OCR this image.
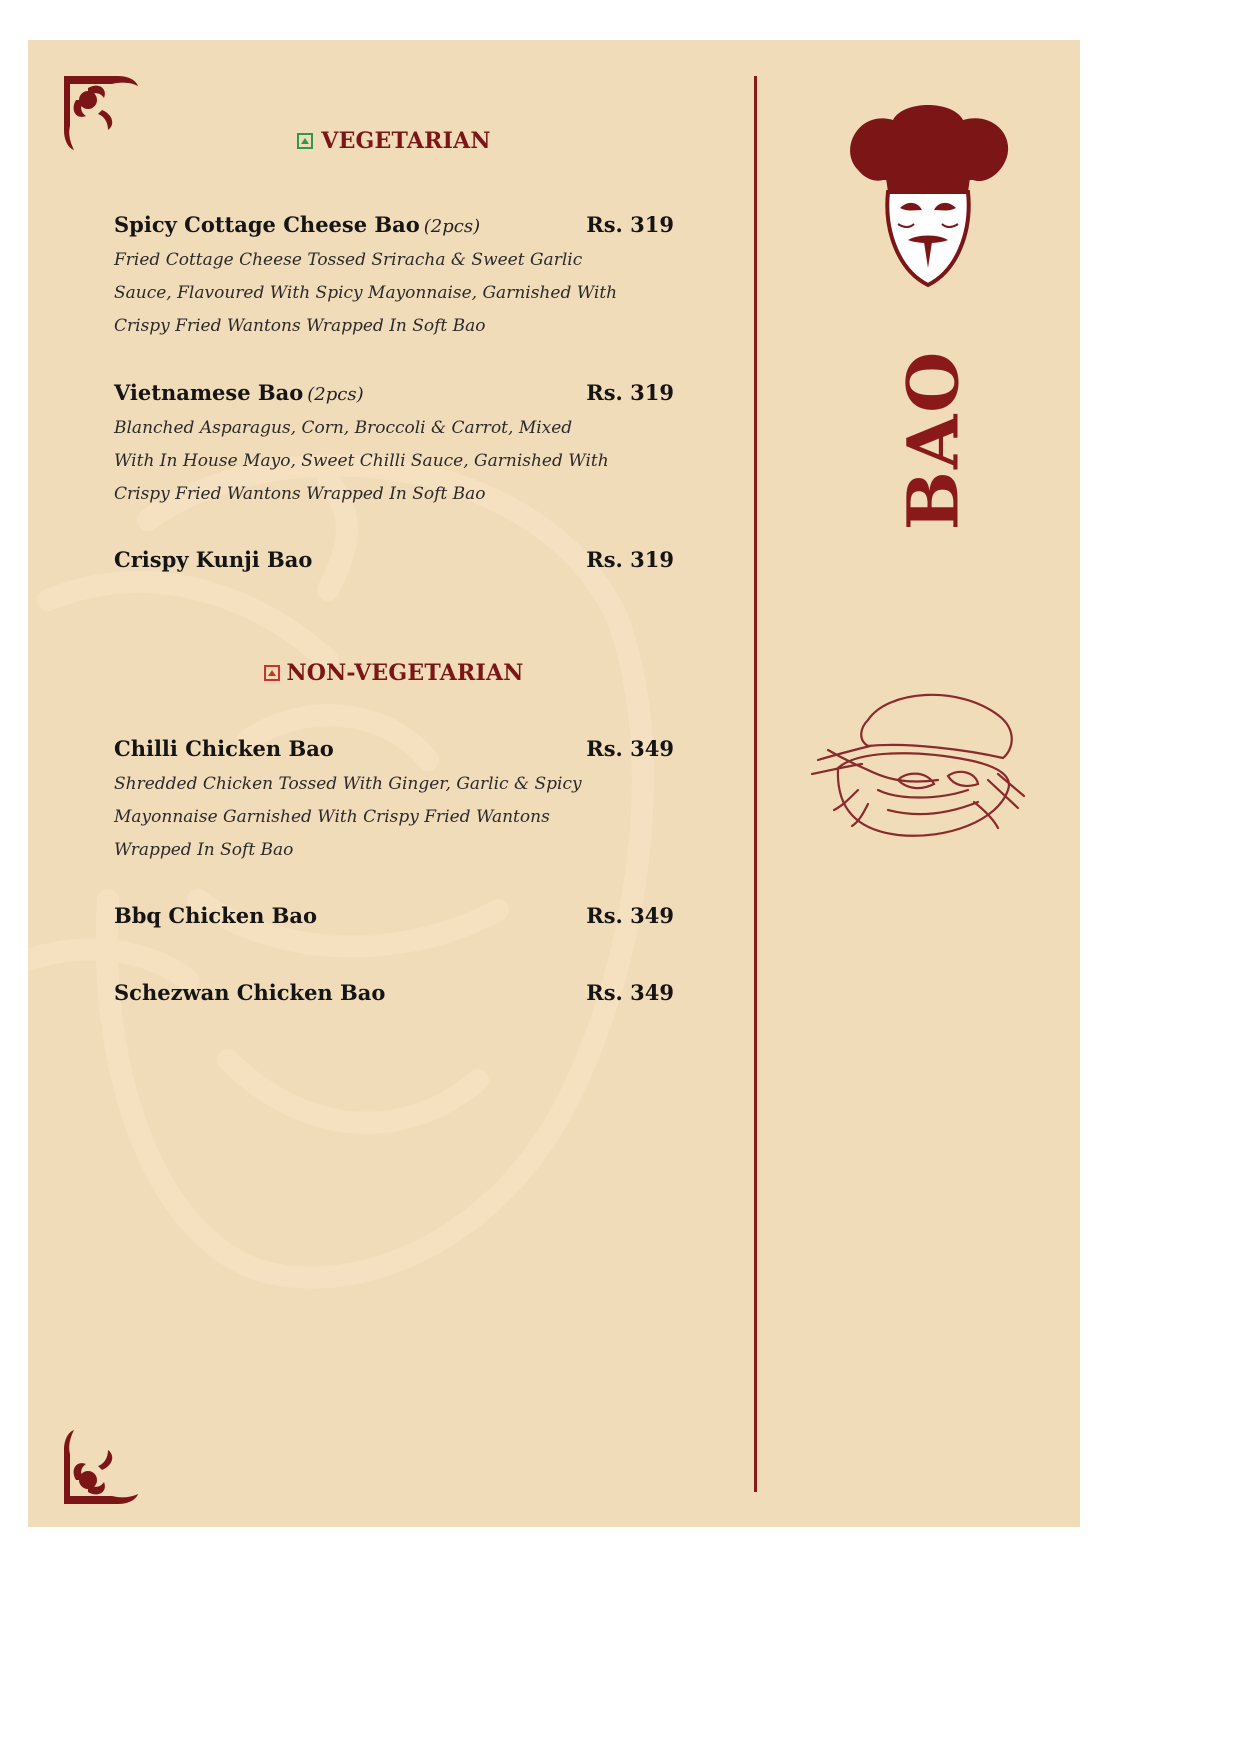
VEGETARIAN
Spicy Cottage Cheese Bao (2pcs)	Rs. 319
Fried Cottage Cheese Tossed Sriracha & Sweet Garlic
Sauce, Flavoured With Spicy Mayonnaise, Garnished With
Crispy Fried Wantons Wrapped In Soft Bao
Vietnamese Bao (2pcs)	Rs. 319
Blanched Asparagus, Corn, Broccoli & Carrot, Mixed
With In House Mayo, Sweet Chilli Sauce, Garnished With
Crispy Fried Wantons Wrapped In Soft Bao
Crispy Kunji Bao	Rs. 319
NON-VEGETARIAN
Chilli Chicken Bao	Rs. 349
Shredded Chicken Tossed With Ginger, Garlic & Spicy
Mayonnaise Garnished With Crispy Fried Wantons
Wrapped In Soft Bao
Bbq Chicken Bao	Rs. 349
Schezwan Chicken Bao	Rs. 349
BAO
